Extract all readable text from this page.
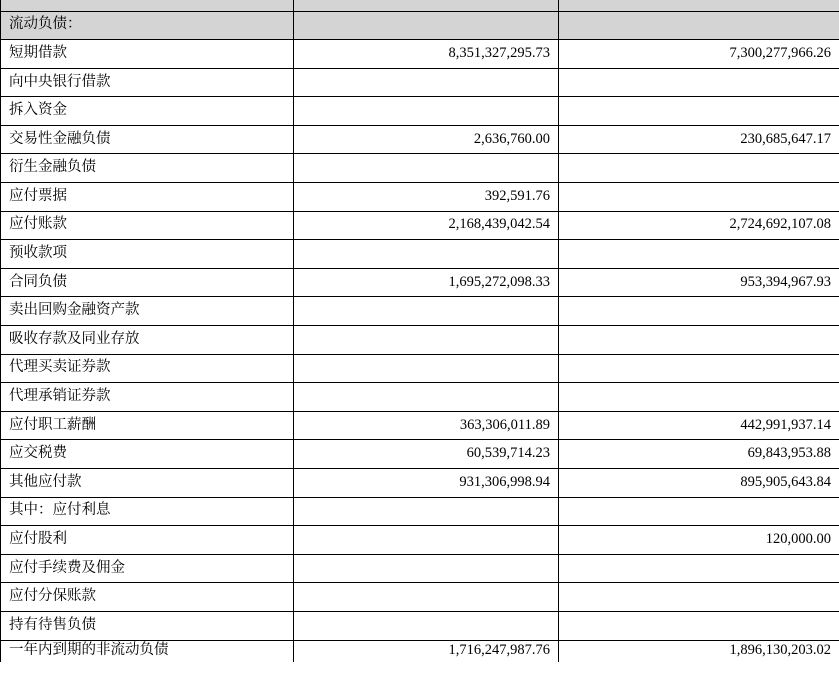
流动负债：		
短期借款	8,351,327,295.73	7,300,277,966.26
向中央银行借款		
拆入资金		
交易性金融负债	2,636,760.00	230,685,647.17
衍生金融负债		
应付票据	392,591.76	
应付账款	2,168,439,042.54	2,724,692,107.08
预收款项		
合同负债	1,695,272,098.33	953,394,967.93
卖出回购金融资产款		
吸收存款及同业存放		
代理买卖证券款		
代理承销证券款		
应付职工薪酬	363,306,011.89	442,991,937.14
应交税费	60,539,714.23	69,843,953.88
其他应付款	931,306,998.94	895,905,643.84
其中：应付利息		
应付股利		120,000.00
应付手续费及佣金		
应付分保账款		
持有待售负债		
一年内到期的非流动负债	1,716,247,987.76	1,896,130,203.02
